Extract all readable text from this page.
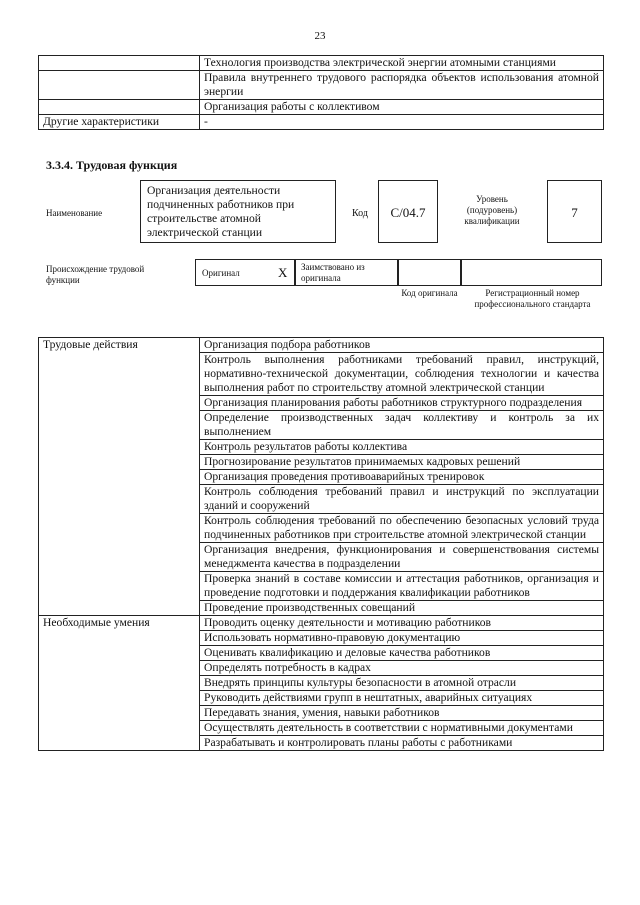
23
	Технология производства электрической энергии атомными станциями
	Правила внутреннего трудового распорядка объектов использования атомной энергии
	Организация работы с коллективом
Другие характеристики	-
3.3.4. Трудовая функция
Наименование
Организация деятельности подчиненных работников при строительстве атомной электрической станции
Код	С/04.7
Уровень (подуровень) квалификации
7
Происхождение трудовой функции
Оригинал	X Заимствовано из оригинала
Код оригинала	Регистрационный номер профессионального стандарта
Трудовые действия	Организация подбора работников
	Контроль выполнения работниками требований правил, инструкций, нормативно-технической документации, соблюдения технологии и качества выполнения работ по строительству атомной электрической станции
	Организация планирования работы работников структурного подразделения
	Определение производственных задач коллективу и контроль за их выполнением
	Контроль результатов работы коллектива
	Прогнозирование результатов принимаемых кадровых решений
	Организация проведения противоаварийных тренировок
	Контроль соблюдения требований правил и инструкций по эксплуатации зданий и сооружений
	Контроль соблюдения требований по обеспечению безопасных условий труда подчиненных работников при строительстве атомной электрической станции
	Организация внедрения, функционирования и совершенствования системы менеджмента качества в подразделении
	Проверка знаний в составе комиссии и аттестация работников, организация и проведение подготовки и поддержания квалификации работников
	Проведение производственных совещаний
Необходимые умения	Проводить оценку деятельности и мотивацию работников
	Использовать нормативно-правовую документацию
	Оценивать квалификацию и деловые качества работников
	Определять потребность в кадрах
	Внедрять принципы культуры безопасности в атомной отрасли
	Руководить действиями групп в нештатных, аварийных ситуациях
	Передавать знания, умения, навыки работников
	Осуществлять деятельность в соответствии с нормативными документами
	Разрабатывать и контролировать планы работы с работниками
